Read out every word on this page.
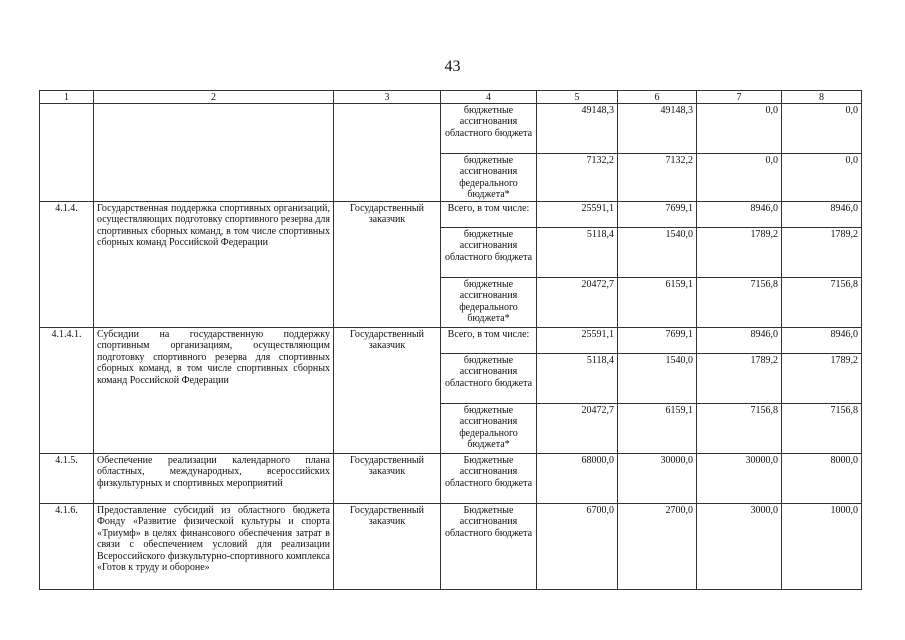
43
1	2	3	4	5	6	7	8
			бюджетные ассигнования областного бюджета	49148,3	49148,3	0,0	0,0
			бюджетные ассигнования федерального бюджета*	7132,2	7132,2	0,0	0,0
4.1.4.	Государственная поддержка спортивных организаций, осуществляющих подготовку спортивного резерва для спортивных сборных команд, в том числе спортивных сборных команд Российской Федерации	Государственный заказчик	Всего, в том числе:	25591,1	7699,1	8946,0	8946,0
			бюджетные ассигнования областного бюджета	5118,4	1540,0	1789,2	1789,2
			бюджетные ассигнования федерального бюджета*	20472,7	6159,1	7156,8	7156,8
4.1.4.1.	Субсидии на государственную поддержку спортивным организациям, осуществляющим подготовку спортивного резерва для спортивных сборных команд, в том числе спортивных сборных команд Российской Федерации	Государственный заказчик	Всего, в том числе:	25591,1	7699,1	8946,0	8946,0
			бюджетные ассигнования областного бюджета	5118,4	1540,0	1789,2	1789,2
			бюджетные ассигнования федерального бюджета*	20472,7	6159,1	7156,8	7156,8
4.1.5.	Обеспечение реализации календарного плана областных, международных, всероссийских физкультурных и спортивных мероприятий	Государственный заказчик	Бюджетные ассигнования областного бюджета	68000,0	30000,0	30000,0	8000,0
4.1.6.	Предоставление субсидий из областного бюджета Фонду «Развитие физической культуры и спорта «Триумф» в целях финансового обеспечения затрат в связи с обеспечением условий для реализации Всероссийского физкультурно-спортивного комплекса «Готов к труду и обороне»	Государственный заказчик	Бюджетные ассигнования областного бюджета	6700,0	2700,0	3000,0	1000,0
